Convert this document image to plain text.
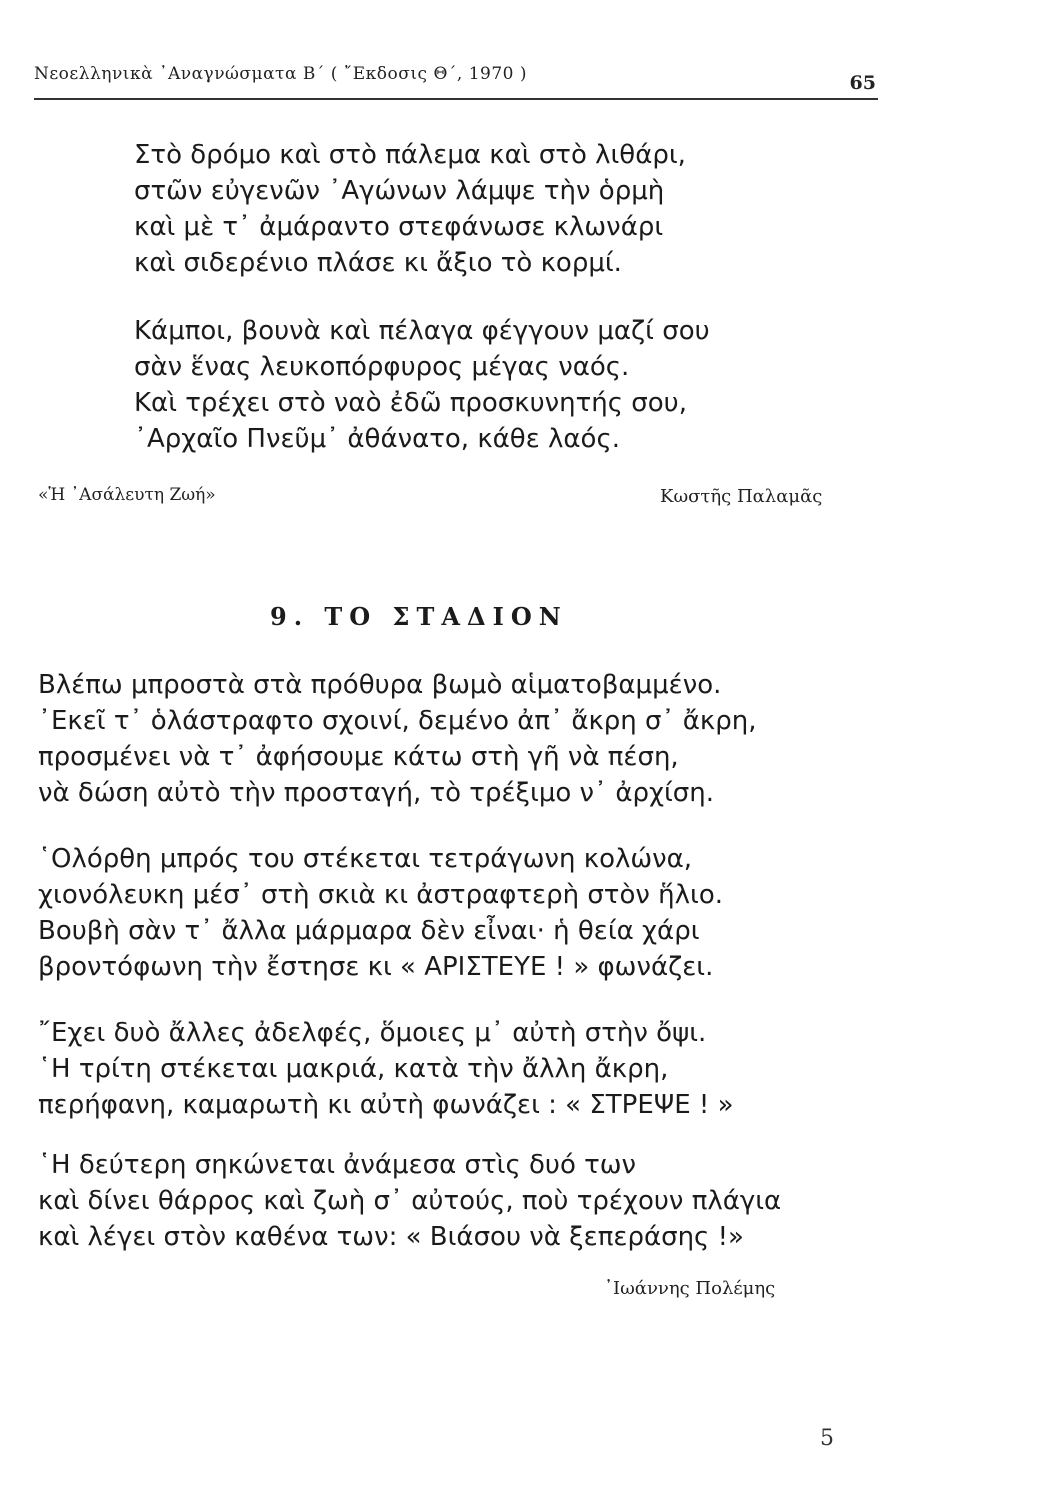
Νεοελληνικὰ ᾿Αναγνώσματα Β΄ ( ῎Εκδοσις Θ΄, 1970 )	65
Στὸ δρόμο καὶ στὸ πάλεμα καὶ στὸ λιθάρι,
στῶν εὐγενῶν ᾿Αγώνων λάμψε τὴν ὁρμὴ
καὶ μὲ τ᾿ ἀμάραντο στεφάνωσε κλωνάρι
καὶ σιδερένιο πλάσε κι ἄξιο τὸ κορμί.
Κάμποι, βουνὰ καὶ πέλαγα φέγγουν μαζί σου
σὰν ἕνας λευκοπόρφυρος μέγας ναός.
Καὶ τρέχει στὸ ναὸ ἐδῶ προσκυνητής σου,
᾿Αρχαῖο Πνεῦμ᾿ ἀθάνατο, κάθε λαός.
«Ἡ ᾿Ασάλευτη Ζωή»	Κωστῆς Παλαμᾶς
9. ΤΟ ΣΤΑΔΙΟΝ
Βλέπω μπροστὰ στὰ πρόθυρα βωμὸ αἱματοβαμμένο.
᾿Εκεῖ τ᾿ ὁλάστραφτο σχοινί, δεμένο ἀπ᾿ ἄκρη σ᾿ ἄκρη,
προσμένει νὰ τ᾿ ἀφήσουμε κάτω στὴ γῆ νὰ πέση,
νὰ δώση αὐτὸ τὴν προσταγή, τὸ τρέξιμο ν᾿ ἀρχίση.
῾Ολόρθη μπρός του στέκεται τετράγωνη κολώνα,
χιονόλευκη μέσ᾿ στὴ σκιὰ κι ἀστραφτερὴ στὸν ἥλιο.
Βουβὴ σὰν τ᾿ ἄλλα μάρμαρα δὲν εἶναι· ἡ θεία χάρι
βροντόφωνη τὴν ἔστησε κι « ΑΡΙΣΤΕΥΕ ! » φωνάζει.
῎Εχει δυὸ ἄλλες ἀδελφές, ὅμοιες μ᾿ αὐτὴ στὴν ὄψι.
῾Η τρίτη στέκεται μακριά, κατὰ τὴν ἄλλη ἄκρη,
περήφανη, καμαρωτὴ κι αὐτὴ φωνάζει : « ΣΤΡΕΨΕ ! »
῾Η δεύτερη σηκώνεται ἀνάμεσα στὶς δυό των
καὶ δίνει θάρρος καὶ ζωὴ σ᾿ αὐτούς, ποὺ τρέχουν πλάγια
καὶ λέγει στὸν καθένα των: « Βιάσου νὰ ξεπεράσης !»
᾿Ιωάννης Πολέμης
5
